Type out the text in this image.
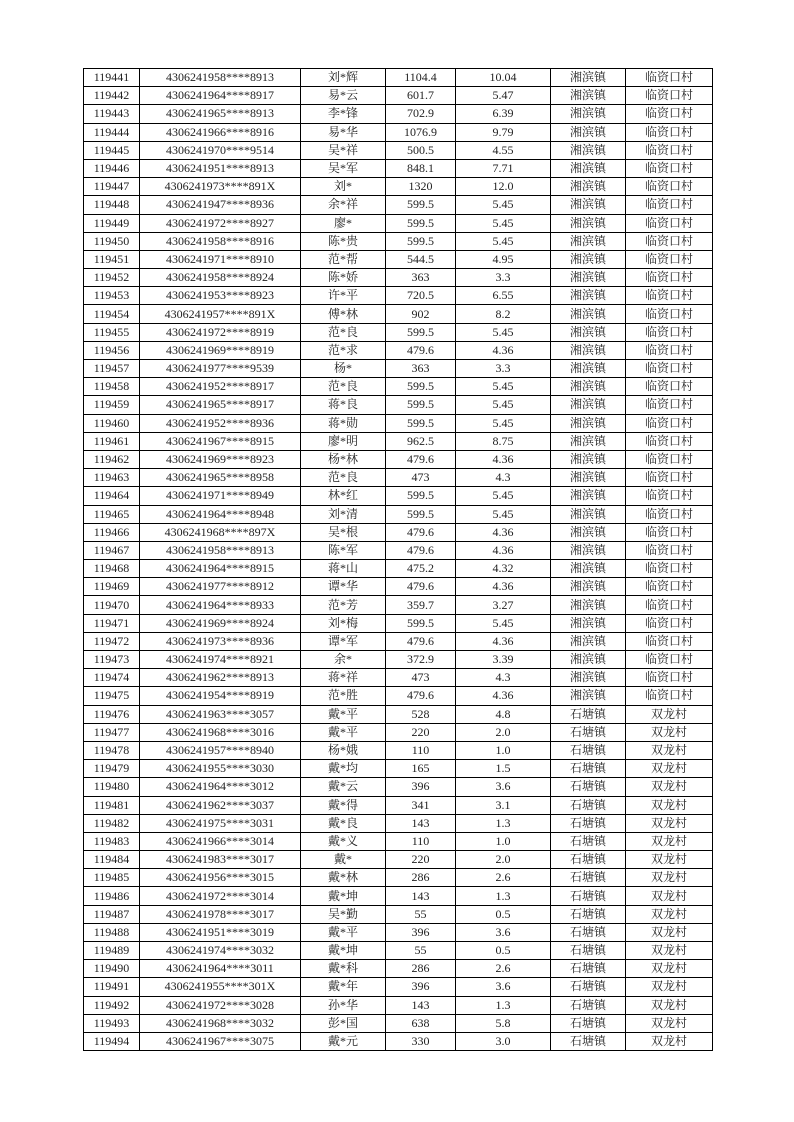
119441	4306241958****8913	刘*辉	1104.4	10.04	湘滨镇	临资口村
119442	4306241964****8917	易*云	601.7	5.47	湘滨镇	临资口村
119443	4306241965****8913	李*锋	702.9	6.39	湘滨镇	临资口村
119444	4306241966****8916	易*华	1076.9	9.79	湘滨镇	临资口村
119445	4306241970****9514	吴*祥	500.5	4.55	湘滨镇	临资口村
119446	4306241951****8913	吴*军	848.1	7.71	湘滨镇	临资口村
119447	4306241973****891X	刘*	1320	12.0	湘滨镇	临资口村
119448	4306241947****8936	余*祥	599.5	5.45	湘滨镇	临资口村
119449	4306241972****8927	廖*	599.5	5.45	湘滨镇	临资口村
119450	4306241958****8916	陈*贵	599.5	5.45	湘滨镇	临资口村
119451	4306241971****8910	范*帮	544.5	4.95	湘滨镇	临资口村
119452	4306241958****8924	陈*娇	363	3.3	湘滨镇	临资口村
119453	4306241953****8923	许*平	720.5	6.55	湘滨镇	临资口村
119454	4306241957****891X	傅*林	902	8.2	湘滨镇	临资口村
119455	4306241972****8919	范*良	599.5	5.45	湘滨镇	临资口村
119456	4306241969****8919	范*求	479.6	4.36	湘滨镇	临资口村
119457	4306241977****9539	杨*	363	3.3	湘滨镇	临资口村
119458	4306241952****8917	范*良	599.5	5.45	湘滨镇	临资口村
119459	4306241965****8917	蒋*良	599.5	5.45	湘滨镇	临资口村
119460	4306241952****8936	蒋*勋	599.5	5.45	湘滨镇	临资口村
119461	4306241967****8915	廖*明	962.5	8.75	湘滨镇	临资口村
119462	4306241969****8923	杨*林	479.6	4.36	湘滨镇	临资口村
119463	4306241965****8958	范*良	473	4.3	湘滨镇	临资口村
119464	4306241971****8949	林*红	599.5	5.45	湘滨镇	临资口村
119465	4306241964****8948	刘*清	599.5	5.45	湘滨镇	临资口村
119466	4306241968****897X	吴*根	479.6	4.36	湘滨镇	临资口村
119467	4306241958****8913	陈*军	479.6	4.36	湘滨镇	临资口村
119468	4306241964****8915	蒋*山	475.2	4.32	湘滨镇	临资口村
119469	4306241977****8912	谭*华	479.6	4.36	湘滨镇	临资口村
119470	4306241964****8933	范*芳	359.7	3.27	湘滨镇	临资口村
119471	4306241969****8924	刘*梅	599.5	5.45	湘滨镇	临资口村
119472	4306241973****8936	谭*军	479.6	4.36	湘滨镇	临资口村
119473	4306241974****8921	余*	372.9	3.39	湘滨镇	临资口村
119474	4306241962****8913	蒋*祥	473	4.3	湘滨镇	临资口村
119475	4306241954****8919	范*胜	479.6	4.36	湘滨镇	临资口村
119476	4306241963****3057	戴*平	528	4.8	石塘镇	双龙村
119477	4306241968****3016	戴*平	220	2.0	石塘镇	双龙村
119478	4306241957****8940	杨*娥	110	1.0	石塘镇	双龙村
119479	4306241955****3030	戴*均	165	1.5	石塘镇	双龙村
119480	4306241964****3012	戴*云	396	3.6	石塘镇	双龙村
119481	4306241962****3037	戴*得	341	3.1	石塘镇	双龙村
119482	4306241975****3031	戴*良	143	1.3	石塘镇	双龙村
119483	4306241966****3014	戴*义	110	1.0	石塘镇	双龙村
119484	4306241983****3017	戴*	220	2.0	石塘镇	双龙村
119485	4306241956****3015	戴*林	286	2.6	石塘镇	双龙村
119486	4306241972****3014	戴*坤	143	1.3	石塘镇	双龙村
119487	4306241978****3017	吴*勤	55	0.5	石塘镇	双龙村
119488	4306241951****3019	戴*平	396	3.6	石塘镇	双龙村
119489	4306241974****3032	戴*坤	55	0.5	石塘镇	双龙村
119490	4306241964****3011	戴*科	286	2.6	石塘镇	双龙村
119491	4306241955****301X	戴*年	396	3.6	石塘镇	双龙村
119492	4306241972****3028	孙*华	143	1.3	石塘镇	双龙村
119493	4306241968****3032	彭*国	638	5.8	石塘镇	双龙村
119494	4306241967****3075	戴*元	330	3.0	石塘镇	双龙村
